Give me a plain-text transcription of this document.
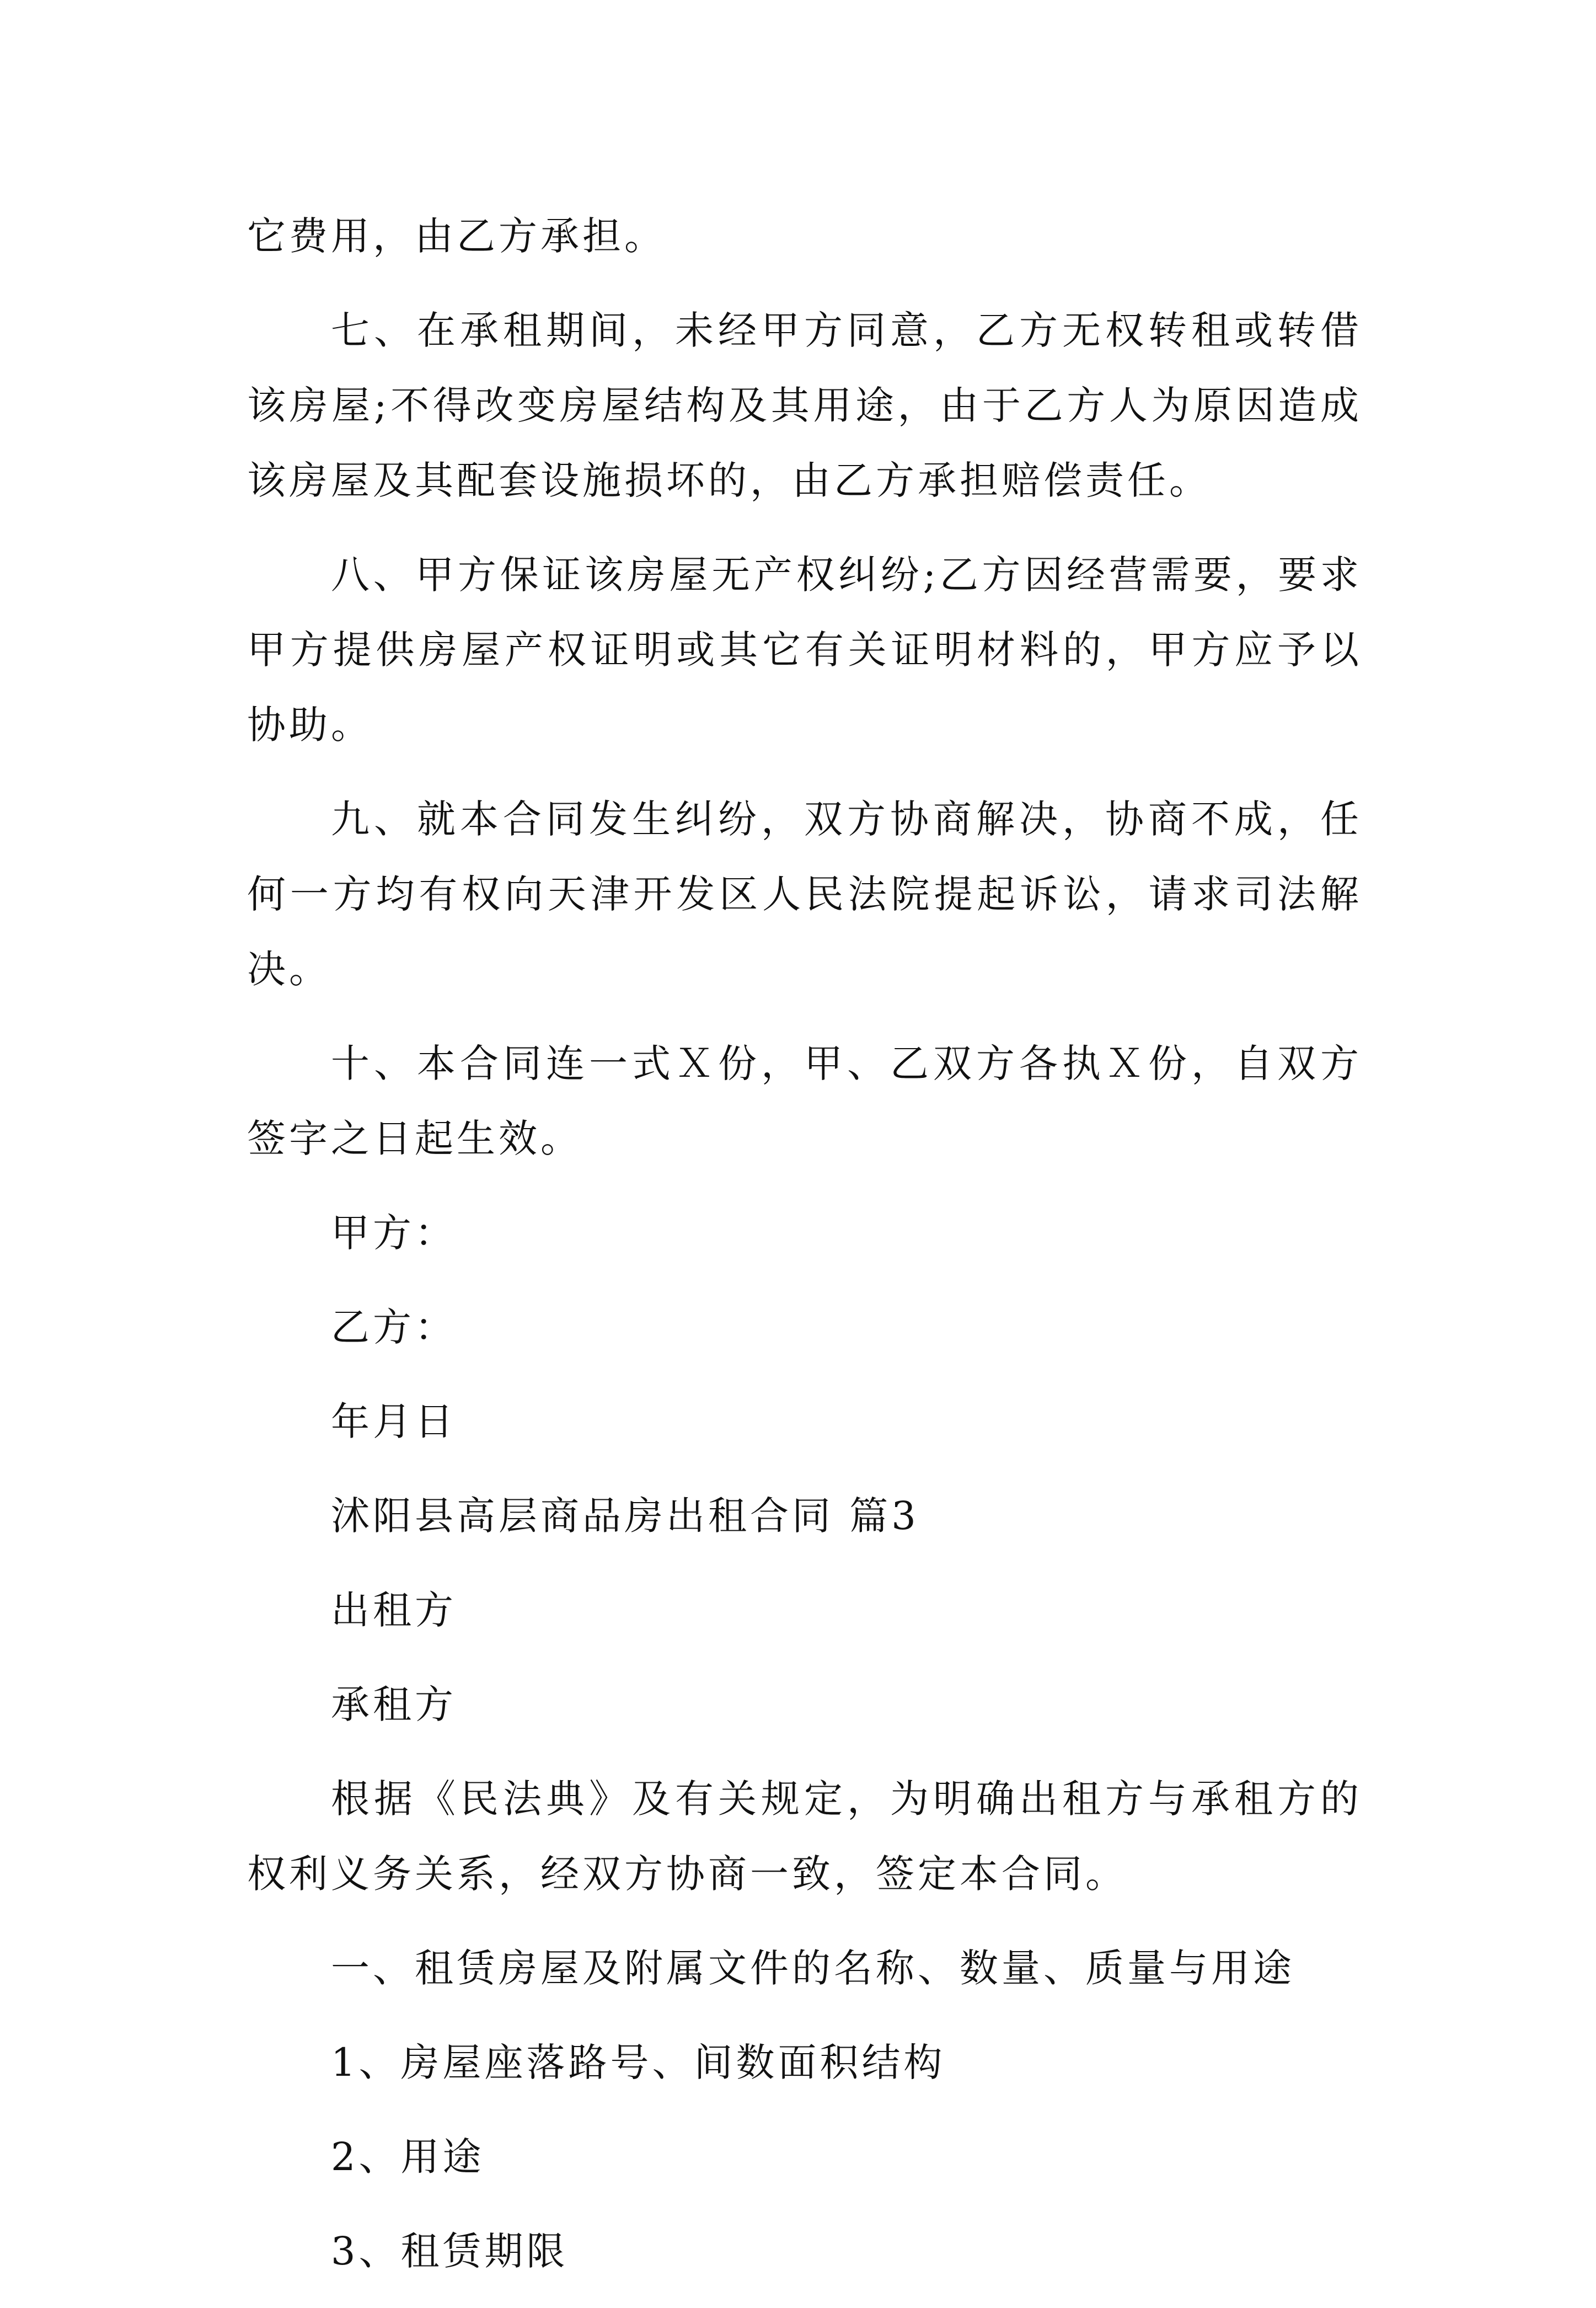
它费用，由乙方承担。

七、在承租期间，未经甲方同意，乙方无权转租或转借该房屋;不得改变房屋结构及其用途，由于乙方人为原因造成该房屋及其配套设施损坏的，由乙方承担赔偿责任。

八、甲方保证该房屋无产权纠纷;乙方因经营需要，要求甲方提供房屋产权证明或其它有关证明材料的，甲方应予以协助。

九、就本合同发生纠纷，双方协商解决，协商不成，任何一方均有权向天津开发区人民法院提起诉讼，请求司法解决。

十、本合同连一式Ｘ份，甲、乙双方各执Ｘ份，自双方签字之日起生效。

甲方：

乙方：

年月日

沭阳县高层商品房出租合同 篇3

出租方

承租方

根据《民法典》及有关规定，为明确出租方与承租方的权利义务关系，经双方协商一致，签定本合同。

一、租赁房屋及附属文件的名称、数量、质量与用途

1、房屋座落路号、间数面积结构

2、用途

3、租赁期限
